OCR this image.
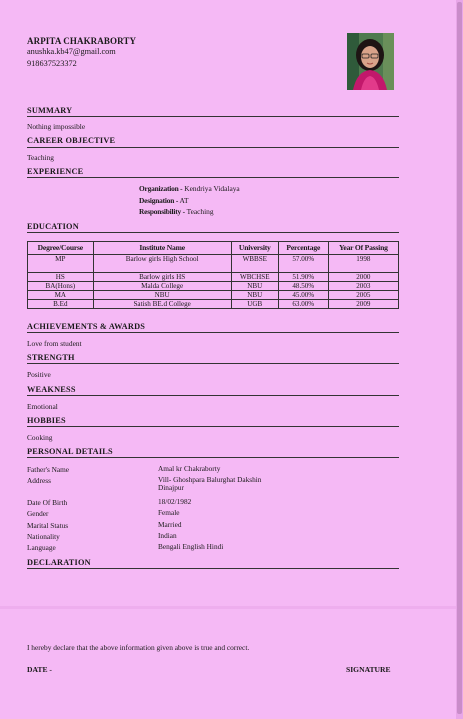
ARPITA CHAKRABORTY
anushka.kb47@gmail.com
918637523372
SUMMARY
Nothing impossible
CAREER OBJECTIVE
Teaching
EXPERIENCE
Organization - Kendriya Vidalaya
Designation - AT
Responsibility - Teaching
EDUCATION
Degree/Course	Institute Name	University	Percentage	Year Of Passing
MP	Barlow girls High School	WBBSE	57.00%	1998
HS	Barlow girls HS	WBCHSE	51.90%	2000
BA(Hons)	Malda College	NBU	48.50%	2003
MA	NBU	NBU	45.00%	2005
B.Ed	Satish BE.d College	UGB	63.00%	2009
ACHIEVEMENTS & AWARDS
Love from student
STRENGTH
Positive
WEAKNESS
Emotional
HOBBIES
Cooking
PERSONAL DETAILS
Father's Name	Amal kr Chakraborty
Address	Vill- Ghoshpara Balurghat Dakshin Dinajpur
Date Of Birth	18/02/1982
Gender	Female
Marital Status	Married
Nationality	Indian
Language	Bengali English Hindi
DECLARATION
I hereby declare that the above information given above is true and correct.
DATE -	SIGNATURE
